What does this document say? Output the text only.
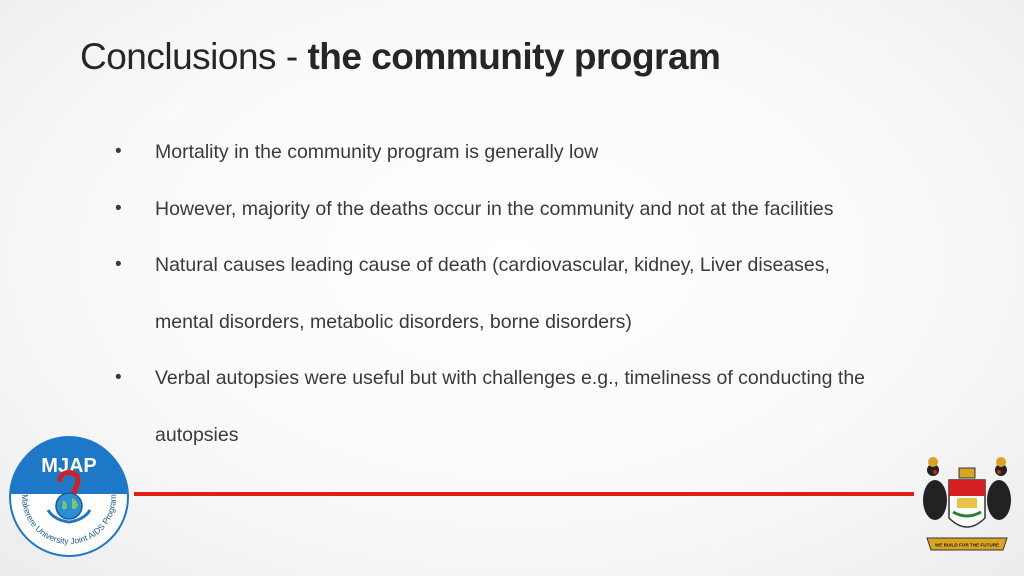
Conclusions - the community program
• Mortality in the community program is generally low
• However, majority of the deaths occur in the community and not at the facilities
• Natural causes leading cause of death (cardiovascular, kidney, Liver diseases,
mental disorders, metabolic disorders, borne disorders)
• Verbal autopsies were useful but with challenges e.g., timeliness of conducting the
autopsies
MJAP
Makerere University Joint AIDS Program
WE BUILD FOR THE FUTURE
